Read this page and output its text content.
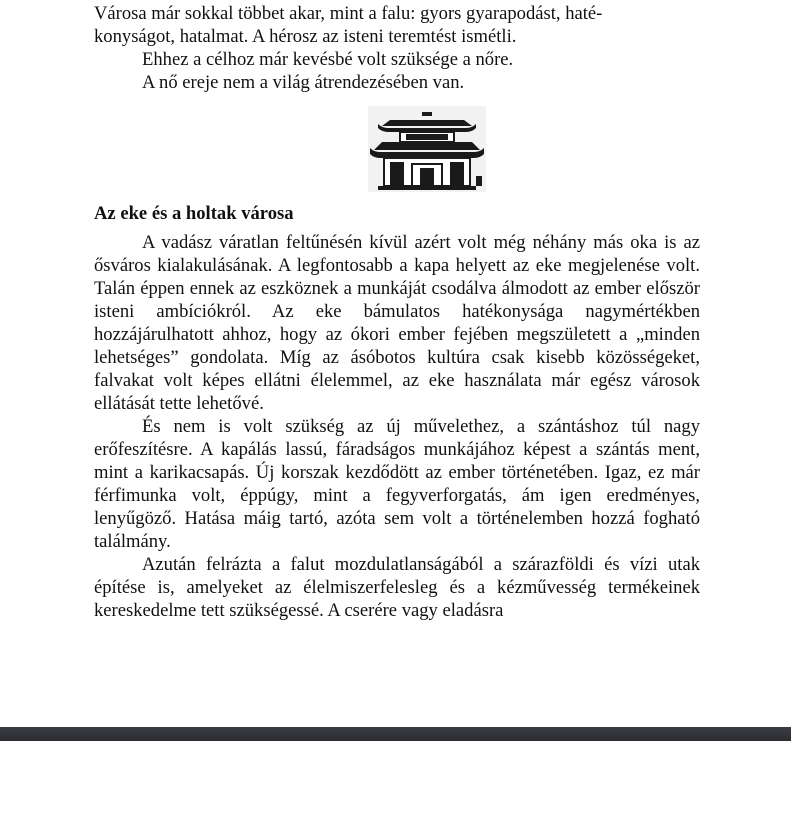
Városa már sokkal többet akar, mint a falu: gyors gyarapodást, haté-

konyságot, hatalmat. A hérosz az isteni teremtést ismétli.

Ehhez a célhoz már kevésbé volt szüksége a nőre.

A nő ereje nem a világ átrendezésében van.

Az eke és a holtak városa

A vadász váratlan feltűnésén kívül azért volt még néhány más oka is az ősváros kialakulásának. A legfontosabb a kapa helyett az eke megjelenése volt. Talán éppen ennek az eszköznek a munkáját csodálva álmodott az ember először isteni ambíciókról. Az eke bámulatos hatékonysága nagymértékben hozzájárulhatott ahhoz, hogy az ókori ember fejében megszületett a „minden lehetséges” gondolata. Míg az ásóbotos kultúra csak kisebb közösségeket, falvakat volt képes ellátni élelemmel, az eke használata már egész városok ellátását tette lehetővé.

És nem is volt szükség az új művelethez, a szántáshoz túl nagy erőfeszítésre. A kapálás lassú, fáradságos munkájához képest a szántás ment, mint a karikacsapás. Új korszak kezdődött az ember történetében. Igaz, ez már férfimunka volt, éppúgy, mint a fegyverforgatás, ám igen eredményes, lenyűgöző. Hatása máig tartó, azóta sem volt a történelemben hozzá fogható találmány.

Azután felrázta a falut mozdulatlanságából a szárazföldi és vízi utak építése is, amelyeket az élelmiszerfelesleg és a kézművesség termékeinek kereskedelme tett szükségessé. A cserére vagy eladásra
